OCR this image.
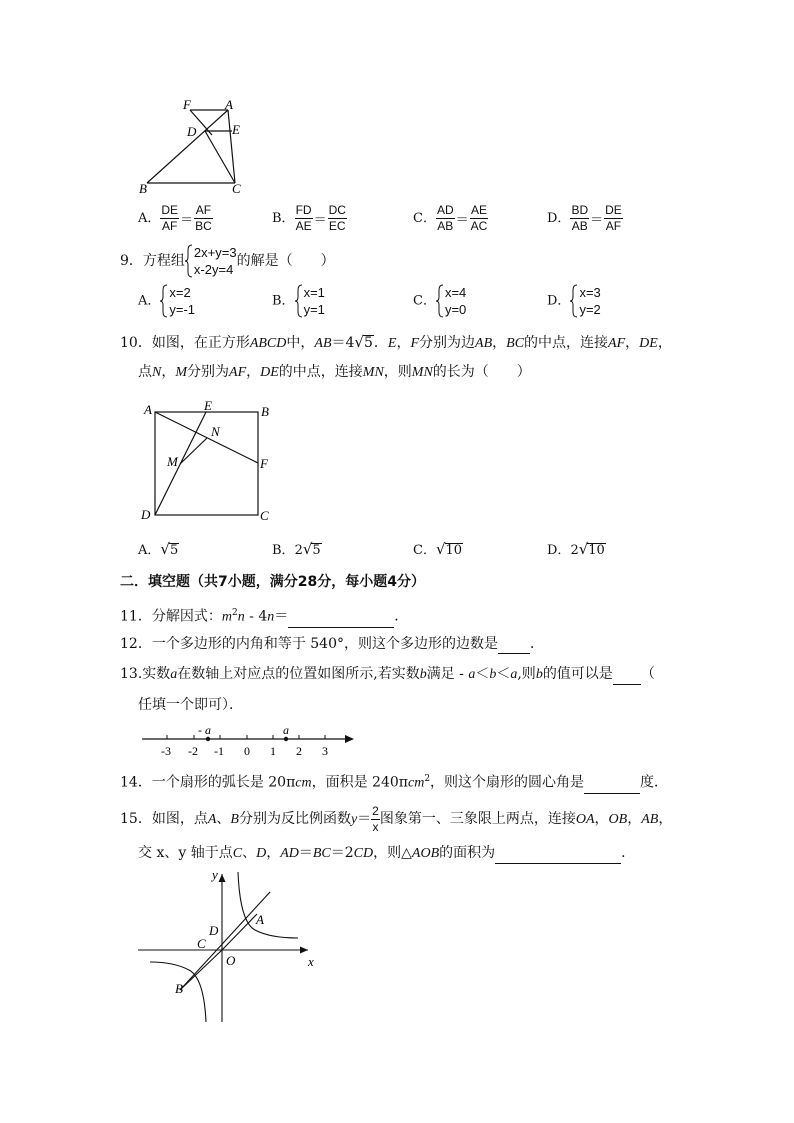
F	A
D	E
B	C
A． $\frac{DE}{AF} = \frac{AF}{BC}$	B． $\frac{FD}{AE} = \frac{DC}{EC}$	C． $\frac{AD}{AB} = \frac{AE}{AC}$	D． $\frac{BD}{AB} = \frac{DE}{AF}$
9．方程组
2x+y=3
x-2y=4
的解是（　　）
A．
x=2
y=-1
B．
x=1
y=1
C．
x=4
y=0
D．
x=3
y=2
10．如图，在正方形ABCD中，AB＝4√5．E，F分别为边AB，BC的中点，连接AF，DE，
点N，M分别为AF，DE的中点，连接MN，则MN的长为（　　）
A	E	B
N
M	F
D	C
A．√5	B．2√5	C．√10	D．2√10
二．填空题（共7小题，满分28分，每小题4分）
11．分解因式：$m^2n - 4n=$	．
12．一个多边形的内角和等于 540°，则这个多边形的边数是 ．
13.实数a在数轴上对应点的位置如图所示,若实数b满足 - a＜b＜a,则b的值可以是 （
任填一个即可）．
- a	a
-3 -2 -1 0 1 2 3
14．一个扇形的弧长是 20πcm，面积是 240πcm$^2$，则这个扇形的圆心角是	度．
15．如图，点A、B分别为反比例函数$y= \frac{2}{x}$ 图象第一、三象限上两点，连接OA，OB，AB，
交 x、y 轴于点C、D，AD＝BC＝2CD，则△AOB的面积为	．
y
x
A
D
C
O
B
